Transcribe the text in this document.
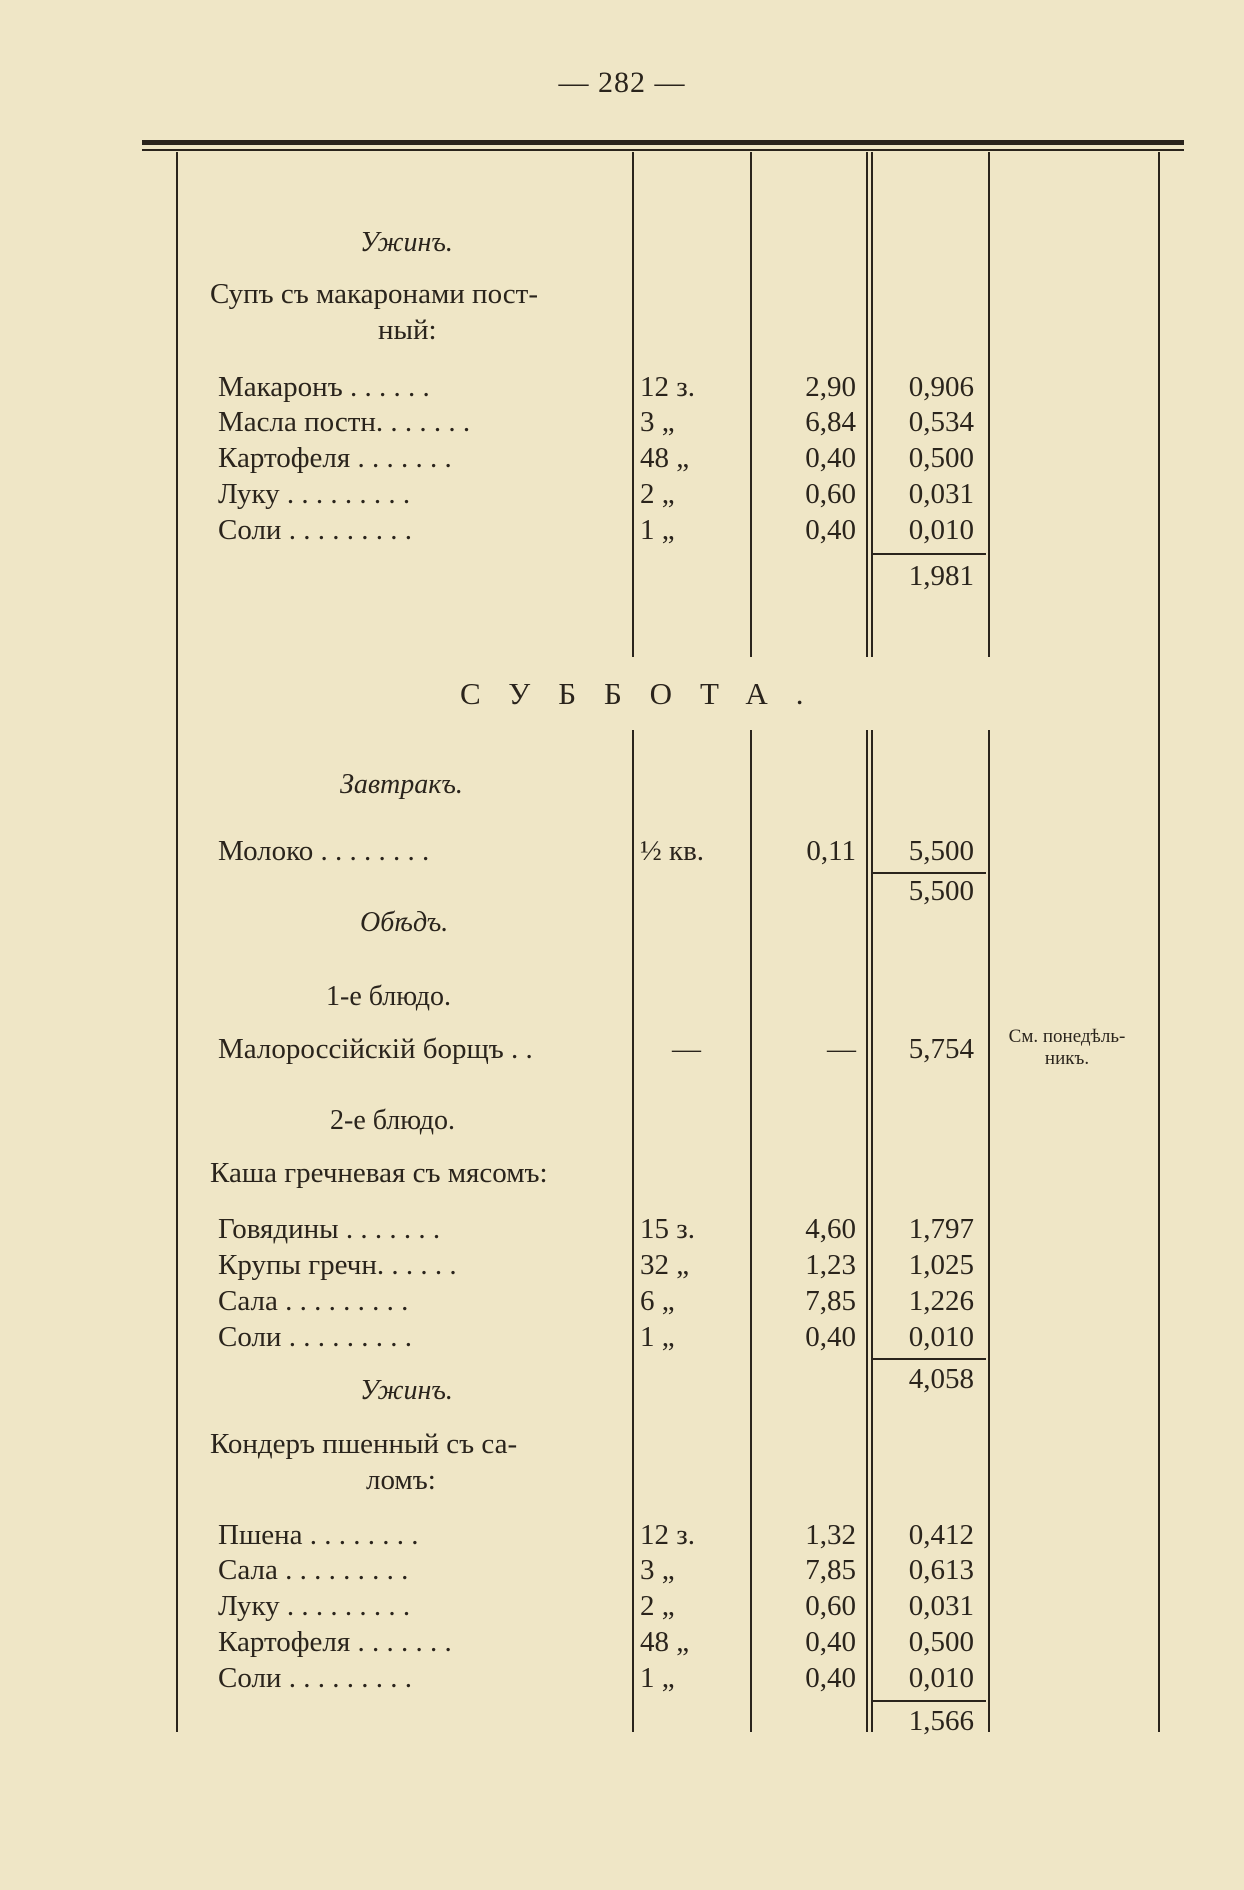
— 282 —
Ужинъ.
Супъ съ макаронами пост-
ный:
Макаронъ . . . . . .	12 з.	2,90	0,906
Масла постн. . . . . . .	3 „	6,84	0,534
Картофеля . . . . . . .	48 „	0,40	0,500
Луку . . . . . . . . .	2 „	0,60	0,031
Соли . . . . . . . . .	1 „	0,40	0,010
1,981
СУББОТА.
Завтракъ.
Молоко . . . . . . . .	½ кв.	0,11	5,500
5,500
Обѣдъ.
1-е блюдо.
Малороссійскій борщъ . .	—	—	5,754	См. понедѣль-никъ.
2-е блюдо.
Каша гречневая съ мясомъ:
Говядины . . . . . . .	15 з.	4,60	1,797
Крупы гречн. . . . . .	32 „	1,23	1,025
Сала . . . . . . . . .	6 „	7,85	1,226
Соли . . . . . . . . .	1 „	0,40	0,010
4,058
Ужинъ.
Кондеръ пшенный съ са-
ломъ:
Пшена . . . . . . . .	12 з.	1,32	0,412
Сала . . . . . . . . .	3 „	7,85	0,613
Луку . . . . . . . . .	2 „	0,60	0,031
Картофеля . . . . . . .	48 „	0,40	0,500
Соли . . . . . . . . .	1 „	0,40	0,010
1,566
